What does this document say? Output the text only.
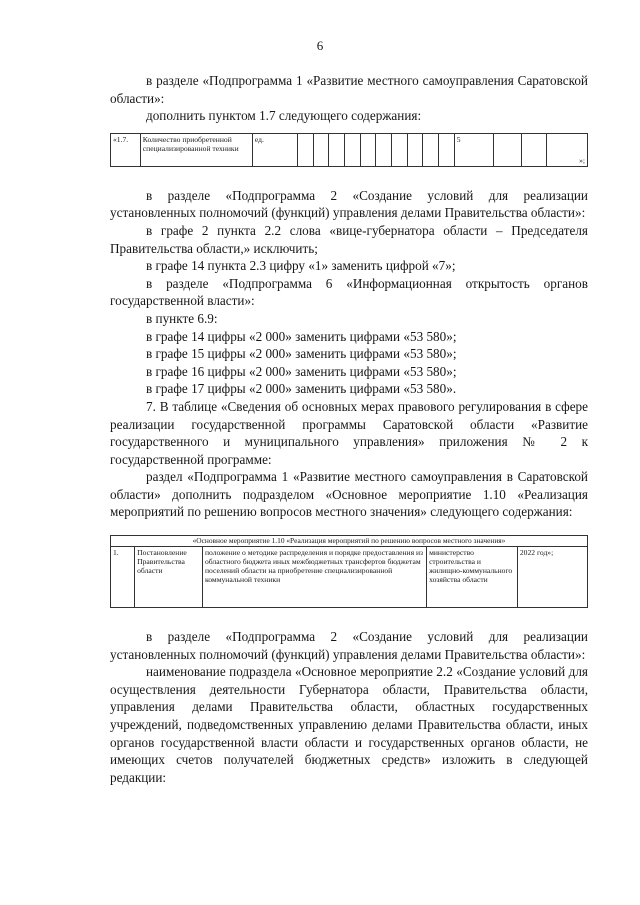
6

в разделе «Подпрограмма 1 «Развитие местного самоуправления Саратовской области»:

дополнить пунктом 1.7 следующего содержания:

«1.7.	Количество приобретенной специализированной техники	ед.											5			»;

в разделе «Подпрограмма 2 «Создание условий для реализации установленных полномочий (функций) управления делами Правительства области»:

в графе 2 пункта 2.2 слова «вице-губернатора области – Председателя Правительства области,» исключить;

в графе 14 пункта 2.3 цифру «1» заменить цифрой «7»;

в разделе «Подпрограмма 6 «Информационная открытость органов государственной власти»:

в пункте 6.9:

в графе 14 цифры «2 000» заменить цифрами «53 580»;

в графе 15 цифры «2 000» заменить цифрами «53 580»;

в графе 16 цифры «2 000» заменить цифрами «53 580»;

в графе 17 цифры «2 000» заменить цифрами «53 580».

7. В таблице «Сведения об основных мерах правового регулирования в сфере реализации государственной программы Саратовской области «Развитие государственного и муниципального управления» приложения № 2 к государственной программе:

раздел «Подпрограмма 1 «Развитие местного самоуправления в Саратовской области» дополнить подразделом «Основное мероприятие 1.10 «Реализация мероприятий по решению вопросов местного значения» следующего содержания:

«Основное мероприятие 1.10 «Реализация мероприятий по решению вопросов местного значения»
1.	Постановление Правительства области	положение о методике распределения и порядке предоставления из областного бюджета иных межбюджетных трансфертов бюджетам поселений области на приобретение специализированной коммунальной техники	министерство строительства и жилищно-коммунального хозяйства области	2022 год»;

в разделе «Подпрограмма 2 «Создание условий для реализации установленных полномочий (функций) управления делами Правительства области»:

наименование подраздела «Основное мероприятие 2.2 «Создание условий для осуществления деятельности Губернатора области, Правительства области, управления делами Правительства области, областных государственных учреждений, подведомственных управлению делами Правительства области, иных органов государственной власти области и государственных органов области, не имеющих счетов получателей бюджетных средств» изложить в следующей редакции:
